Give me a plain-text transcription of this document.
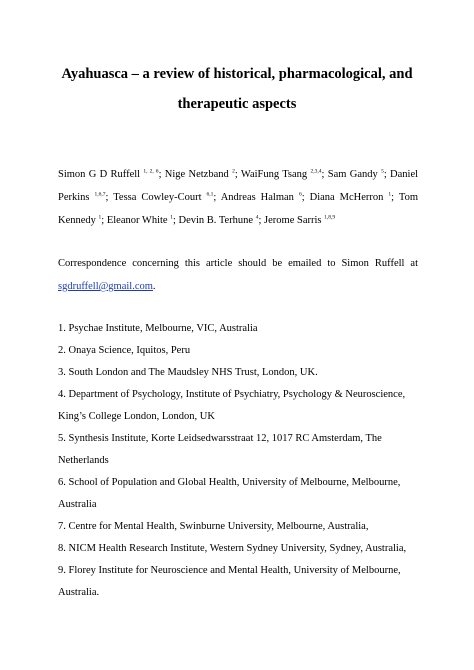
Ayahuasca – a review of historical, pharmacological, and
therapeutic aspects

Simon G D Ruffell $^{1, 2, 6}$; Nige Netzband $^2$; WaiFung Tsang $^{2,3,4}$; Sam Gandy $^5$; Daniel Perkins $^{1,6,7}$; Tessa Cowley-Court $^{6,1}$; Andreas Halman $^6$; Diana McHerron $^1$; Tom Kennedy $^1$; Eleanor White $^1$; Devin B. Terhune $^4$; Jerome Sarris $^{1,8,9}$

Correspondence concerning this article should be emailed to Simon Ruffell at sgdruffell@gmail.com.

1. Psychae Institute, Melbourne, VIC, Australia
2. Onaya Science, Iquitos, Peru
3. South London and The Maudsley NHS Trust, London, UK.
4. Department of Psychology, Institute of Psychiatry, Psychology & Neuroscience, King’s College London, London, UK
5. Synthesis Institute, Korte Leidsedwarsstraat 12, 1017 RC Amsterdam, The Netherlands
6. School of Population and Global Health, University of Melbourne, Melbourne, Australia
7. Centre for Mental Health, Swinburne University, Melbourne, Australia,
8. NICM Health Research Institute, Western Sydney University, Sydney, Australia,
9. Florey Institute for Neuroscience and Mental Health, University of Melbourne, Australia.
